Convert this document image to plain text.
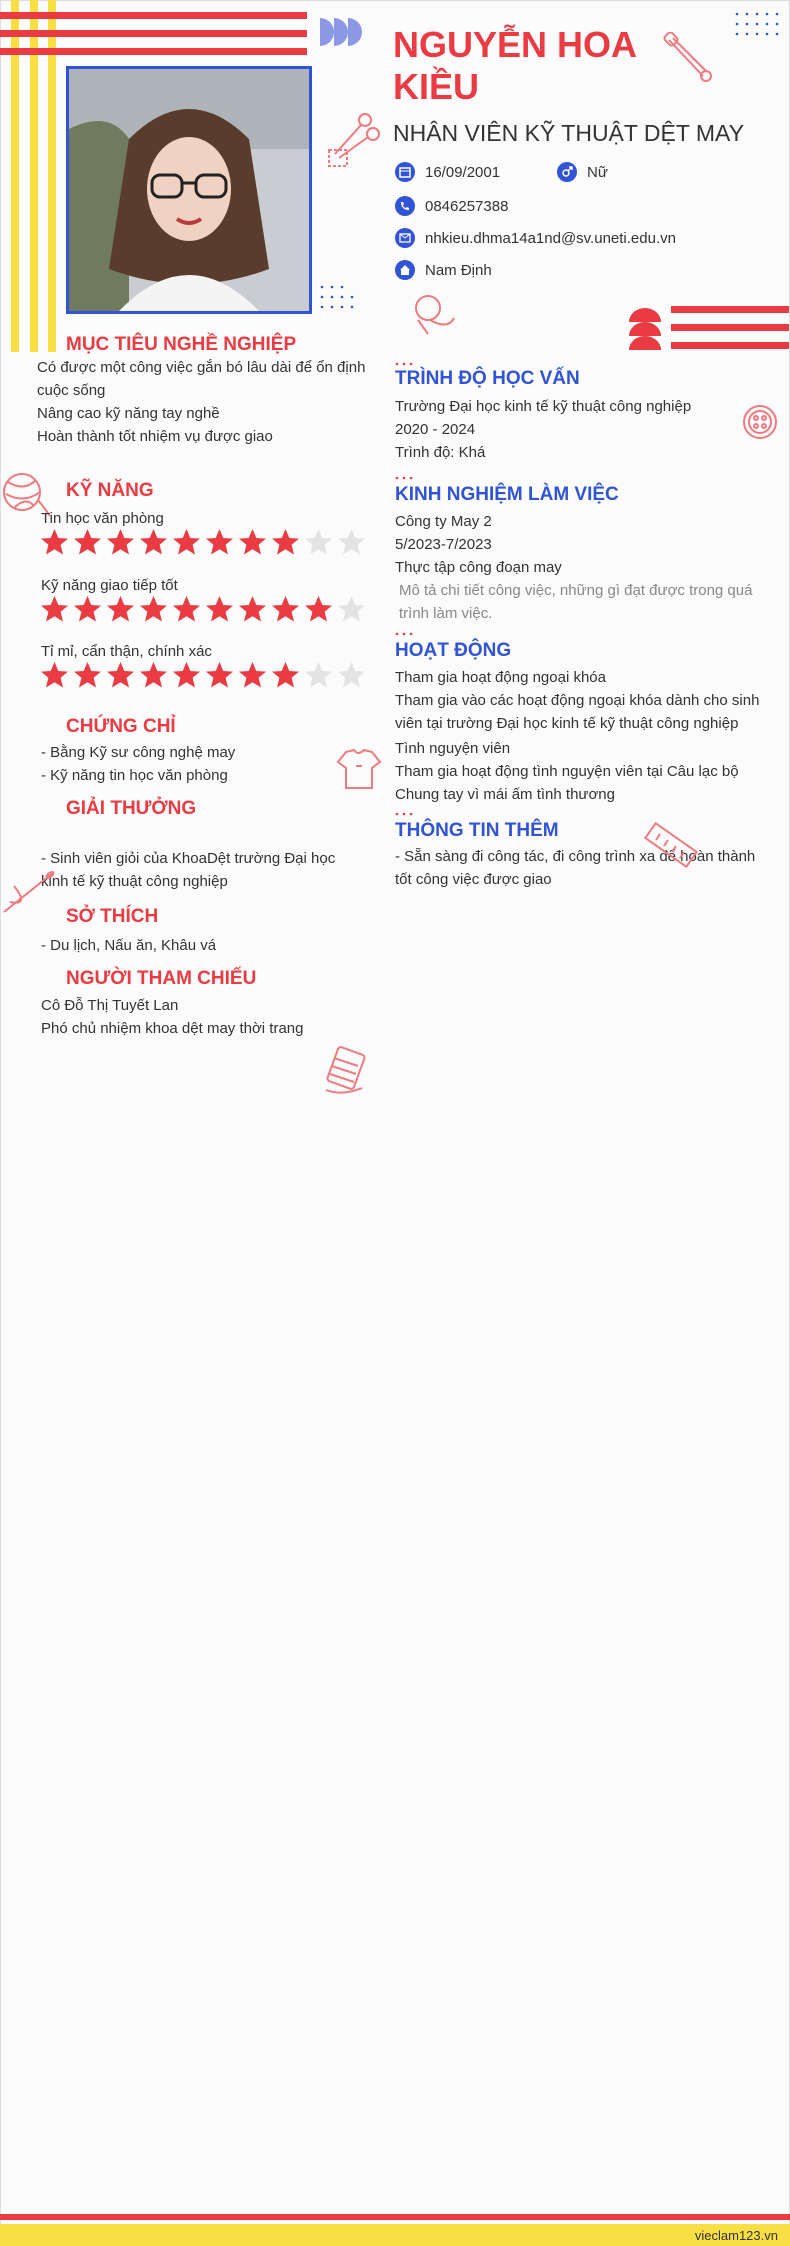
NGUYỄN HOA KIỀU
NHÂN VIÊN KỸ THUẬT DỆT MAY
16/09/2001	Nữ
0846257388
nhkieu.dhma14a1nd@sv.uneti.edu.vn
Nam Định
MỤC TIÊU NGHỀ NGHIỆP
Có được một công việc gắn bó lâu dài để ổn định cuộc sống
Nâng cao kỹ năng tay nghề
Hoàn thành tốt nhiệm vụ được giao
KỸ NĂNG
Tin học văn phòng
Kỹ năng giao tiếp tốt
Tỉ mỉ, cẩn thận, chính xác
CHỨNG CHỈ
- Bằng Kỹ sư công nghệ may
- Kỹ năng tin học văn phòng
GIẢI THƯỞNG
- Sinh viên giỏi của KhoaDệt trường Đại học kinh tế kỹ thuật công nghiệp
SỞ THÍCH
- Du lịch, Nấu ăn, Khâu vá
NGƯỜI THAM CHIẾU
Cô Đỗ Thị Tuyết Lan
Phó chủ nhiệm khoa dệt may thời trang
TRÌNH ĐỘ HỌC VẤN
Trường Đại học kinh tế kỹ thuật công nghiệp
2020 - 2024
Trình độ: Khá
KINH NGHIỆM LÀM VIỆC
Công ty May 2
5/2023-7/2023
Thực tập công đoạn may
Mô tả chi tiết công việc, những gì đạt được trong quá trình làm việc.
HOẠT ĐỘNG
Tham gia hoạt động ngoại khóa
Tham gia vào các hoạt động ngoại khóa dành cho sinh viên tại trường Đại học kinh tế kỹ thuật công nghiệp
Tình nguyện viên
Tham gia hoạt động tình nguyện viên tại Câu lạc bộ Chung tay vì mái ấm tình thương
THÔNG TIN THÊM
- Sẵn sàng đi công tác, đi công trình xa để hoàn thành tốt công việc được giao
vieclam123.vn
